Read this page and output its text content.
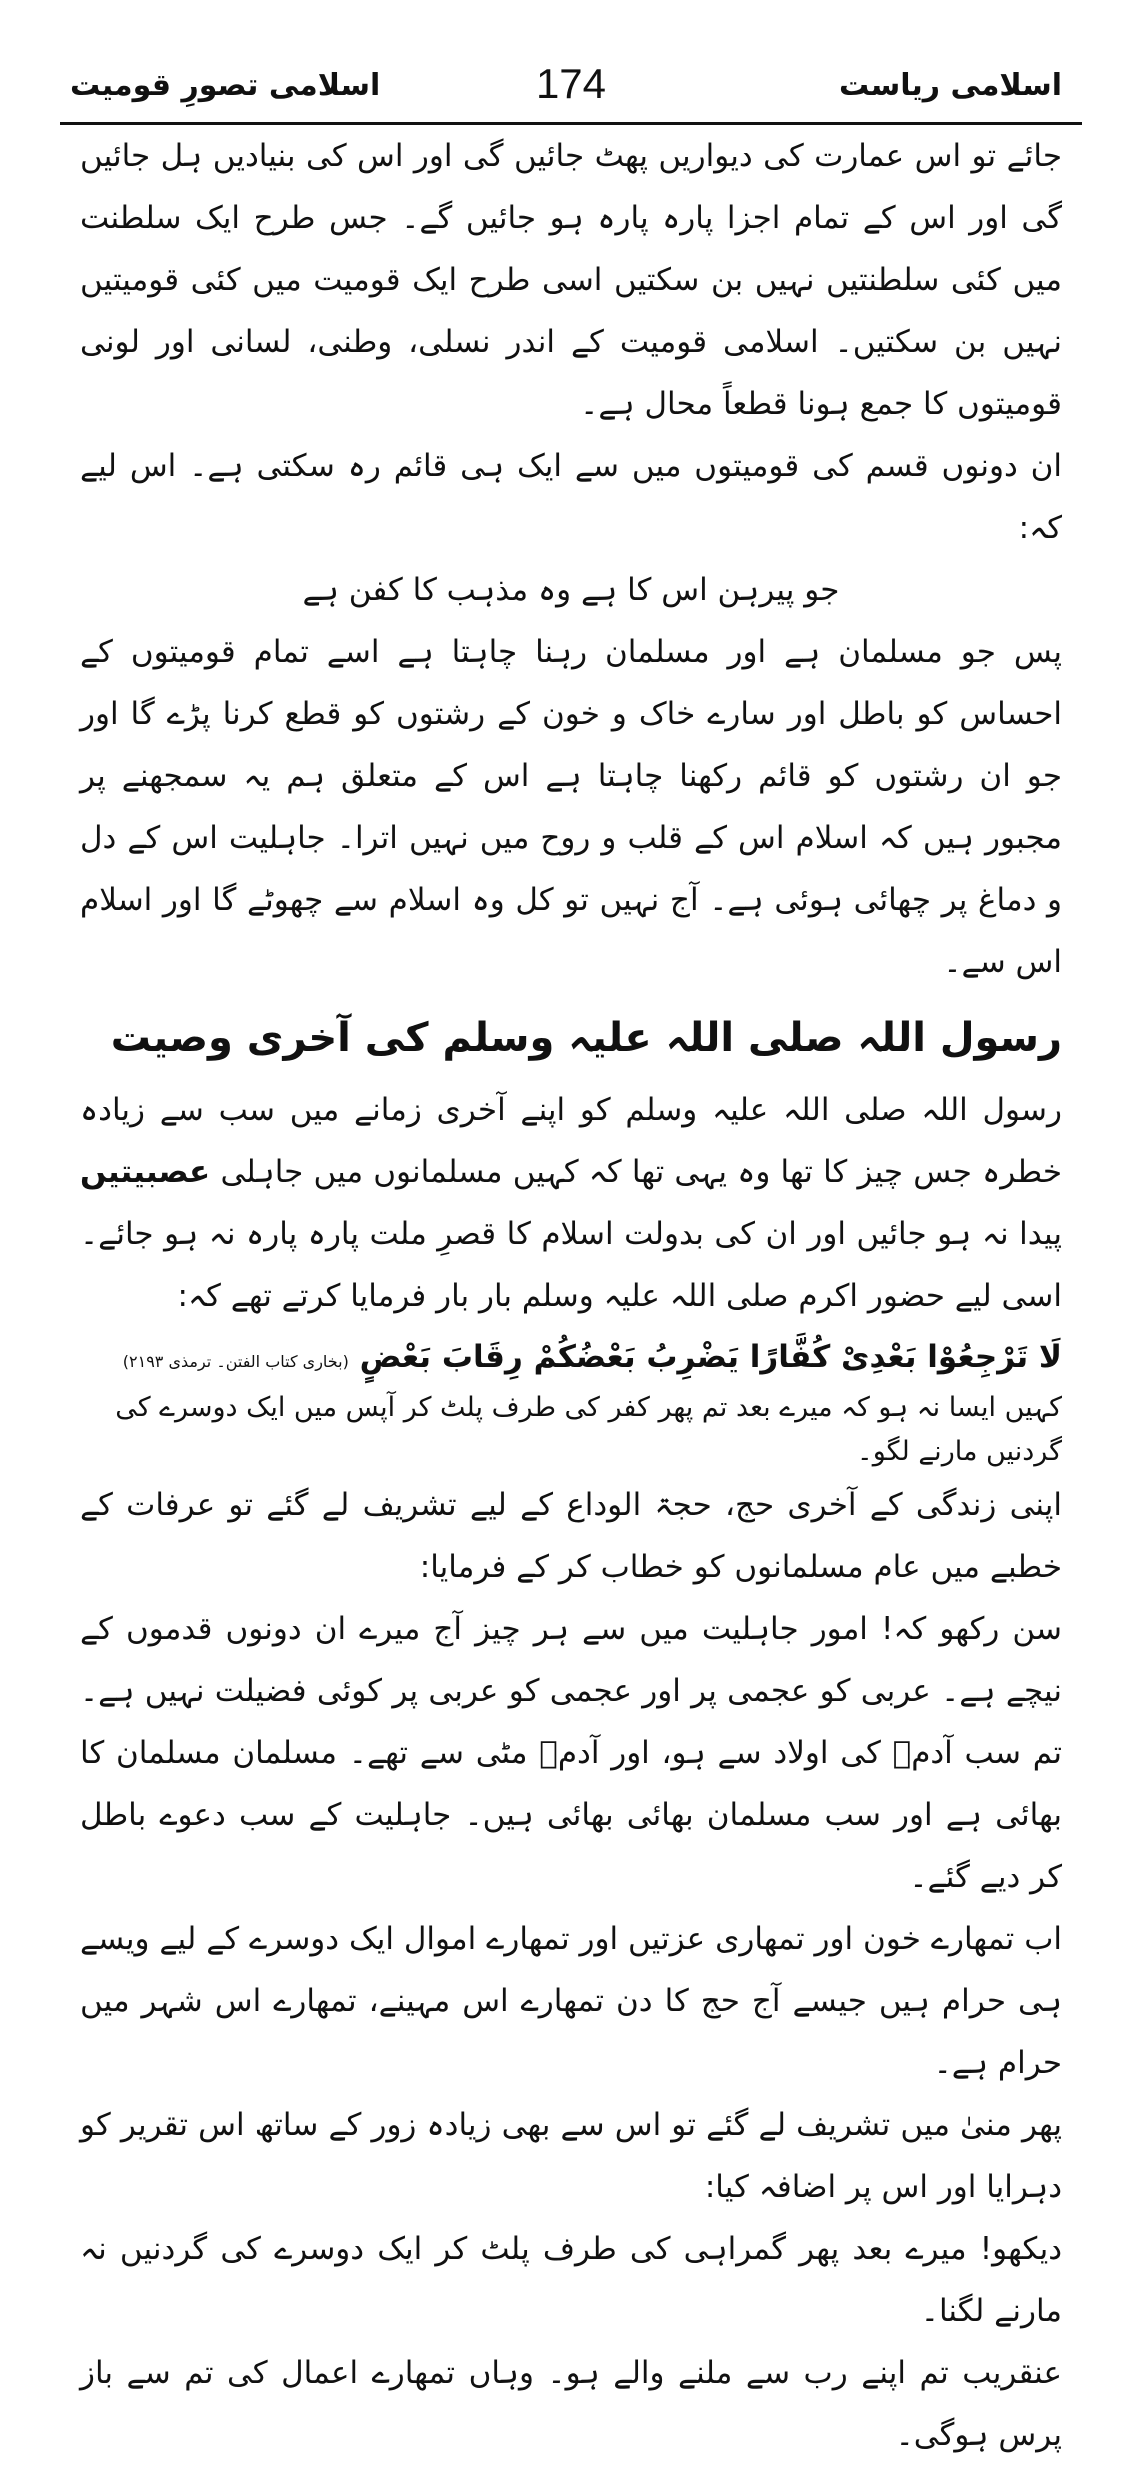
اسلامی ریاست
174
اسلامی تصورِ قومیت

جائے تو اس عمارت کی دیواریں پھٹ جائیں گی اور اس کی بنیادیں ہل جائیں گی اور اس کے تمام اجزا پارہ پارہ ہو جائیں گے۔ جس طرح ایک سلطنت میں کئی سلطنتیں نہیں بن سکتیں اسی طرح ایک قومیت میں کئی قومیتیں نہیں بن سکتیں۔ اسلامی قومیت کے اندر نسلی، وطنی، لسانی اور لونی قومیتوں کا جمع ہونا قطعاً محال ہے۔

ان دونوں قسم کی قومیتوں میں سے ایک ہی قائم رہ سکتی ہے۔ اس لیے کہ:

جو پیرہن اس کا ہے وہ مذہب کا کفن ہے

پس جو مسلمان ہے اور مسلمان رہنا چاہتا ہے اسے تمام قومیتوں کے احساس کو باطل اور سارے خاک و خون کے رشتوں کو قطع کرنا پڑے گا اور جو ان رشتوں کو قائم رکھنا چاہتا ہے اس کے متعلق ہم یہ سمجھنے پر مجبور ہیں کہ اسلام اس کے قلب و روح میں نہیں اترا۔ جاہلیت اس کے دل و دماغ پر چھائی ہوئی ہے۔ آج نہیں تو کل وہ اسلام سے چھوٹے گا اور اسلام اس سے۔

رسول اللہ صلی اللہ علیہ وسلم کی آخری وصیت

رسول اللہ صلی اللہ علیہ وسلم کو اپنے آخری زمانے میں سب سے زیادہ خطرہ جس چیز کا تھا وہ یہی تھا کہ کہیں مسلمانوں میں جاہلی عصبیتیں پیدا نہ ہو جائیں اور ان کی بدولت اسلام کا قصرِ ملت پارہ پارہ نہ ہو جائے۔ اسی لیے حضور اکرم صلی اللہ علیہ وسلم بار بار فرمایا کرتے تھے کہ:

لَا تَرْجِعُوْا بَعْدِیْ کُفَّارًا یَضْرِبُ بَعْضُکُمْ رِقَابَ بَعْضٍ (بخاری کتاب الفتن۔ ترمذی ۲۱۹۳)

کہیں ایسا نہ ہو کہ میرے بعد تم پھر کفر کی طرف پلٹ کر آپس میں ایک دوسرے کی گردنیں مارنے لگو۔

اپنی زندگی کے آخری حج، حجۃ الوداع کے لیے تشریف لے گئے تو عرفات کے خطبے میں عام مسلمانوں کو خطاب کر کے فرمایا:

سن رکھو کہ! امور جاہلیت میں سے ہر چیز آج میرے ان دونوں قدموں کے نیچے ہے۔ عربی کو عجمی پر اور عجمی کو عربی پر کوئی فضیلت نہیں ہے۔ تم سب آدمؑ کی اولاد سے ہو، اور آدمؑ مٹی سے تھے۔ مسلمان مسلمان کا بھائی ہے اور سب مسلمان بھائی بھائی ہیں۔ جاہلیت کے سب دعوے باطل کر دیے گئے۔

اب تمھارے خون اور تمھاری عزتیں اور تمھارے اموال ایک دوسرے کے لیے ویسے ہی حرام ہیں جیسے آج حج کا دن تمھارے اس مہینے، تمھارے اس شہر میں حرام ہے۔

پھر منیٰ میں تشریف لے گئے تو اس سے بھی زیادہ زور کے ساتھ اس تقریر کو دہرایا اور اس پر اضافہ کیا:

دیکھو! میرے بعد پھر گمراہی کی طرف پلٹ کر ایک دوسرے کی گردنیں نہ مارنے لگنا۔

عنقریب تم اپنے رب سے ملنے والے ہو۔ وہاں تمھارے اعمال کی تم سے باز پرس ہوگی۔
